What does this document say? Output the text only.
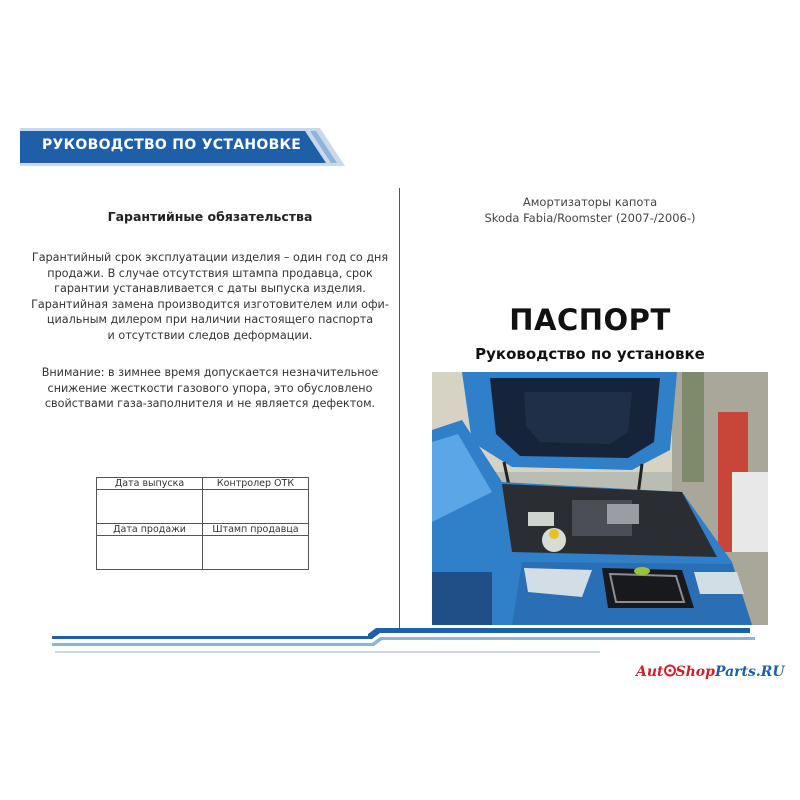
РУКОВОДСТВО ПО УСТАНОВКЕ
Гарантийные обязательства
Гарантийный срок эксплуатации изделия – один год со дня
продажи. В случае отсутствия штампа продавца, срок
гарантии устанавливается с даты выпуска изделия.
Гарантийная замена производится изготовителем или офи-
циальным дилером при наличии настоящего паспорта
и отсутствии следов деформации.
Внимание: в зимнее время допускается незначительное
снижение жесткости газового упора, это обусловлено
свойствами газа-заполнителя и не является дефектом.
Дата выпуска	Контролер ОТК
Дата продажи	Штамп продавца
Амортизаторы капота
Skoda Fabia/Roomster (2007-/2006-)
ПАСПОРТ
Руководство по установке
Aut ShopParts.RU
